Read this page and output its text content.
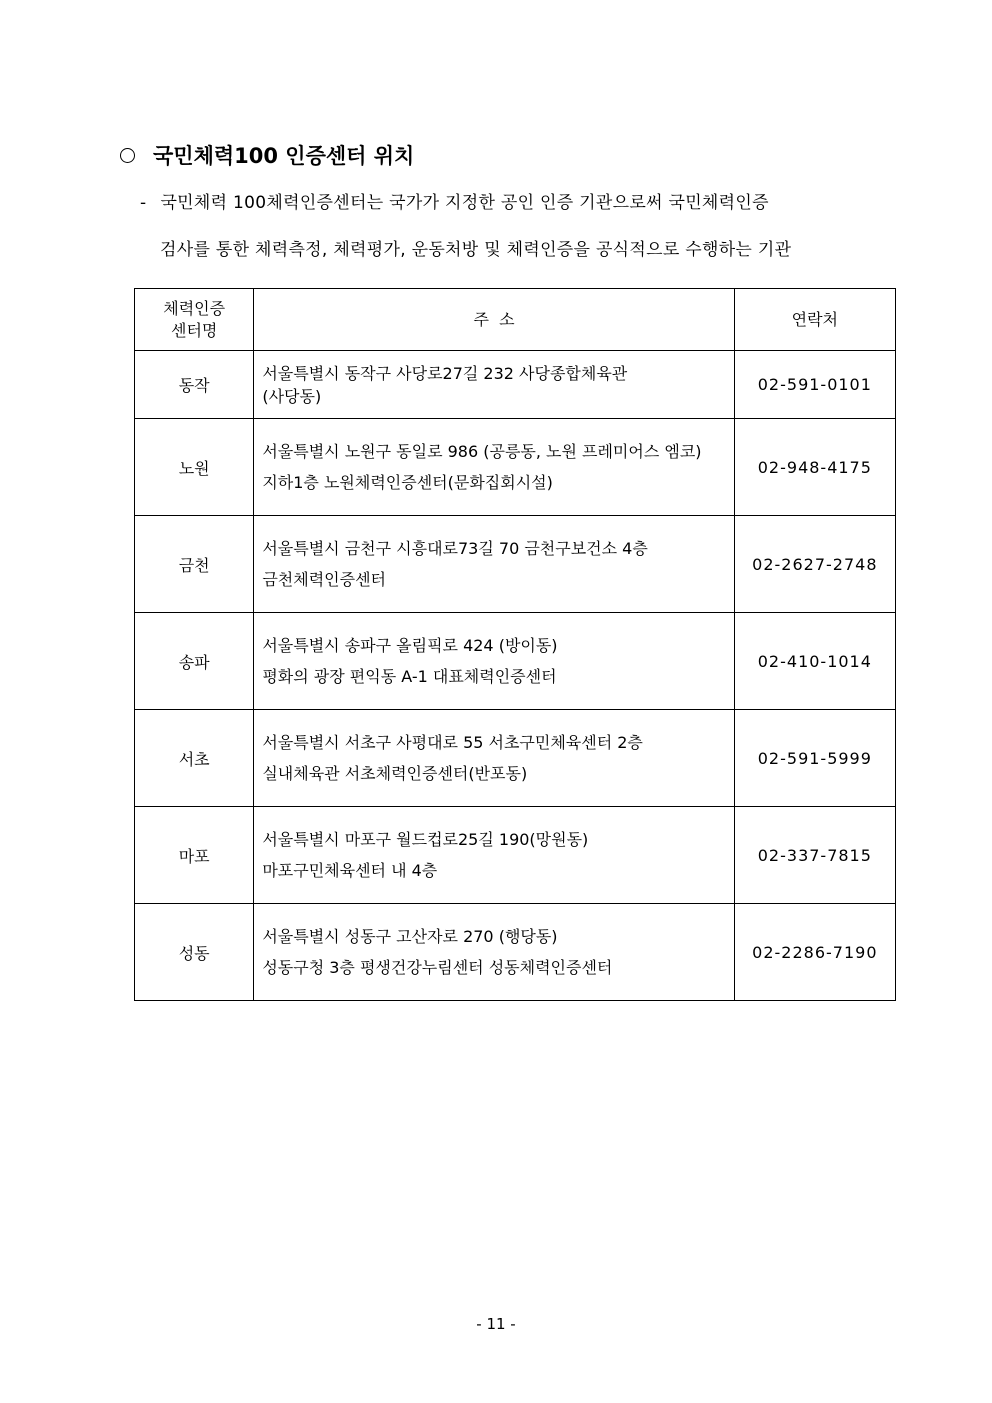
국민체력100 인증센터 위치
- 국민체력 100체력인증센터는 국가가 지정한 공인 인증 기관으로써 국민체력인증
검사를 통한 체력측정, 체력평가, 운동처방 및 체력인증을 공식적으로 수행하는 기관
체력인증
센터명	주  소	연락처
동작	서울특별시 동작구 사당로27길 232 사당종합체육관
(사당동)	02-591-0101
노원	서울특별시 노원구 동일로 986 (공릉동, 노원 프레미어스 엠코)
지하1층 노원체력인증센터(문화집회시설)	02-948-4175
금천	서울특별시 금천구 시흥대로73길 70 금천구보건소 4층
금천체력인증센터	02-2627-2748
송파	서울특별시 송파구 올림픽로 424 (방이동)
평화의 광장 편익동 A-1 대표체력인증센터	02-410-1014
서초	서울특별시 서초구 사평대로 55 서초구민체육센터 2층
실내체육관 서초체력인증센터(반포동)	02-591-5999
마포	서울특별시 마포구 월드컵로25길 190(망원동)
마포구민체육센터 내 4층	02-337-7815
성동	서울특별시 성동구 고산자로 270 (행당동)
성동구청 3층 평생건강누림센터 성동체력인증센터	02-2286-7190
- 11 -
